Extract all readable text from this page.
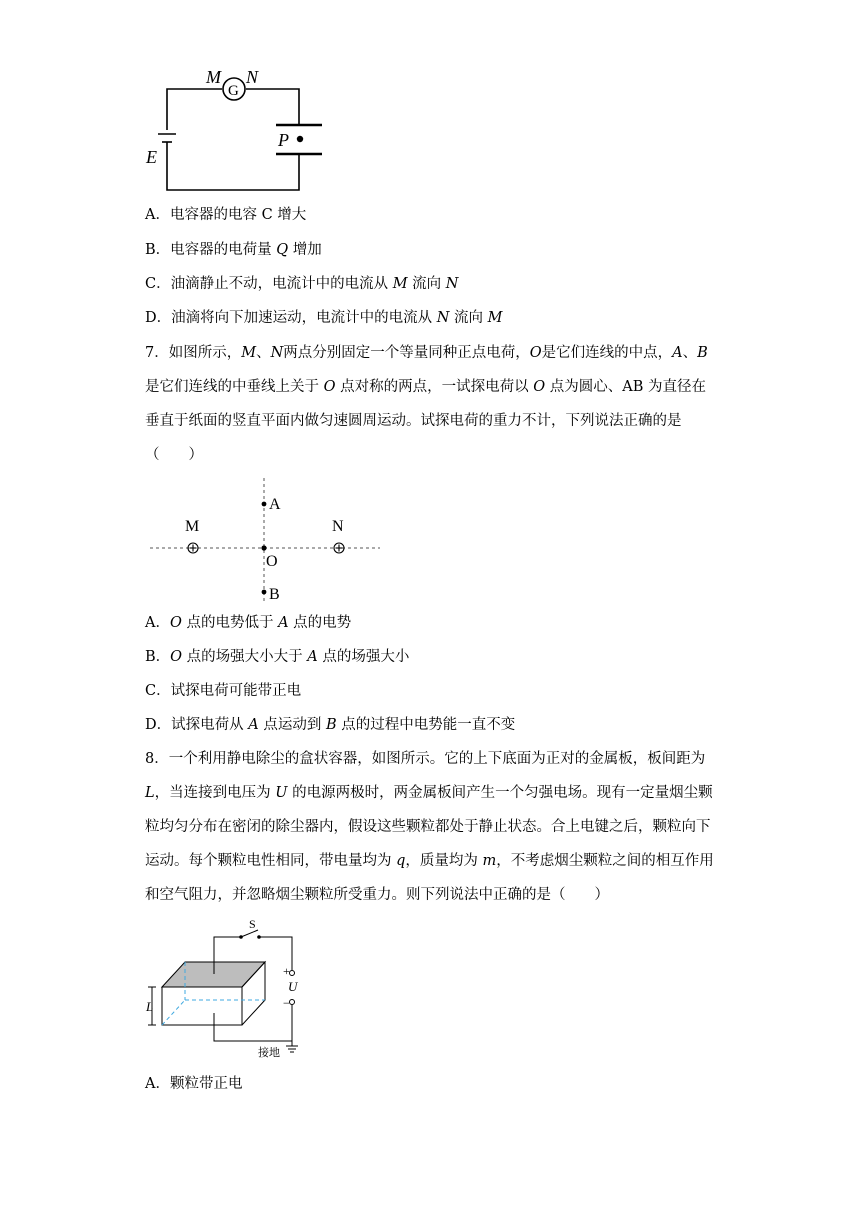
M
G
N
P
E
A．电容器的电容 C 增大
B．电容器的电荷量 Q 增加
C．油滴静止不动，电流计中的电流从 M 流向 N
D．油滴将向下加速运动，电流计中的电流从 N 流向 M
7．如图所示，M、N两点分别固定一个等量同种正点电荷，O是它们连线的中点，A、B是它们连线的中垂线上关于 O 点对称的两点，一试探电荷以 O 点为圆心、AB 为直径在垂直于纸面的竖直平面内做匀速圆周运动。试探电荷的重力不计，下列说法正确的是（　　）
M	N
A
O
B
A．O 点的电势低于 A 点的电势
B．O 点的场强大小大于 A 点的场强大小
C．试探电荷可能带正电
D．试探电荷从 A 点运动到 B 点的过程中电势能一直不变
8．一个利用静电除尘的盒状容器，如图所示。它的上下底面为正对的金属板，板间距为 L，当连接到电压为 U 的电源两极时，两金属板间产生一个匀强电场。现有一定量烟尘颗粒均匀分布在密闭的除尘器内，假设这些颗粒都处于静止状态。合上电键之后，颗粒向下运动。每个颗粒电性相同，带电量均为 q，质量均为 m，不考虑烟尘颗粒之间的相互作用和空气阻力，并忽略烟尘颗粒所受重力。则下列说法中正确的是（　　）
S
+
U
−
L
接地
A．颗粒带正电
